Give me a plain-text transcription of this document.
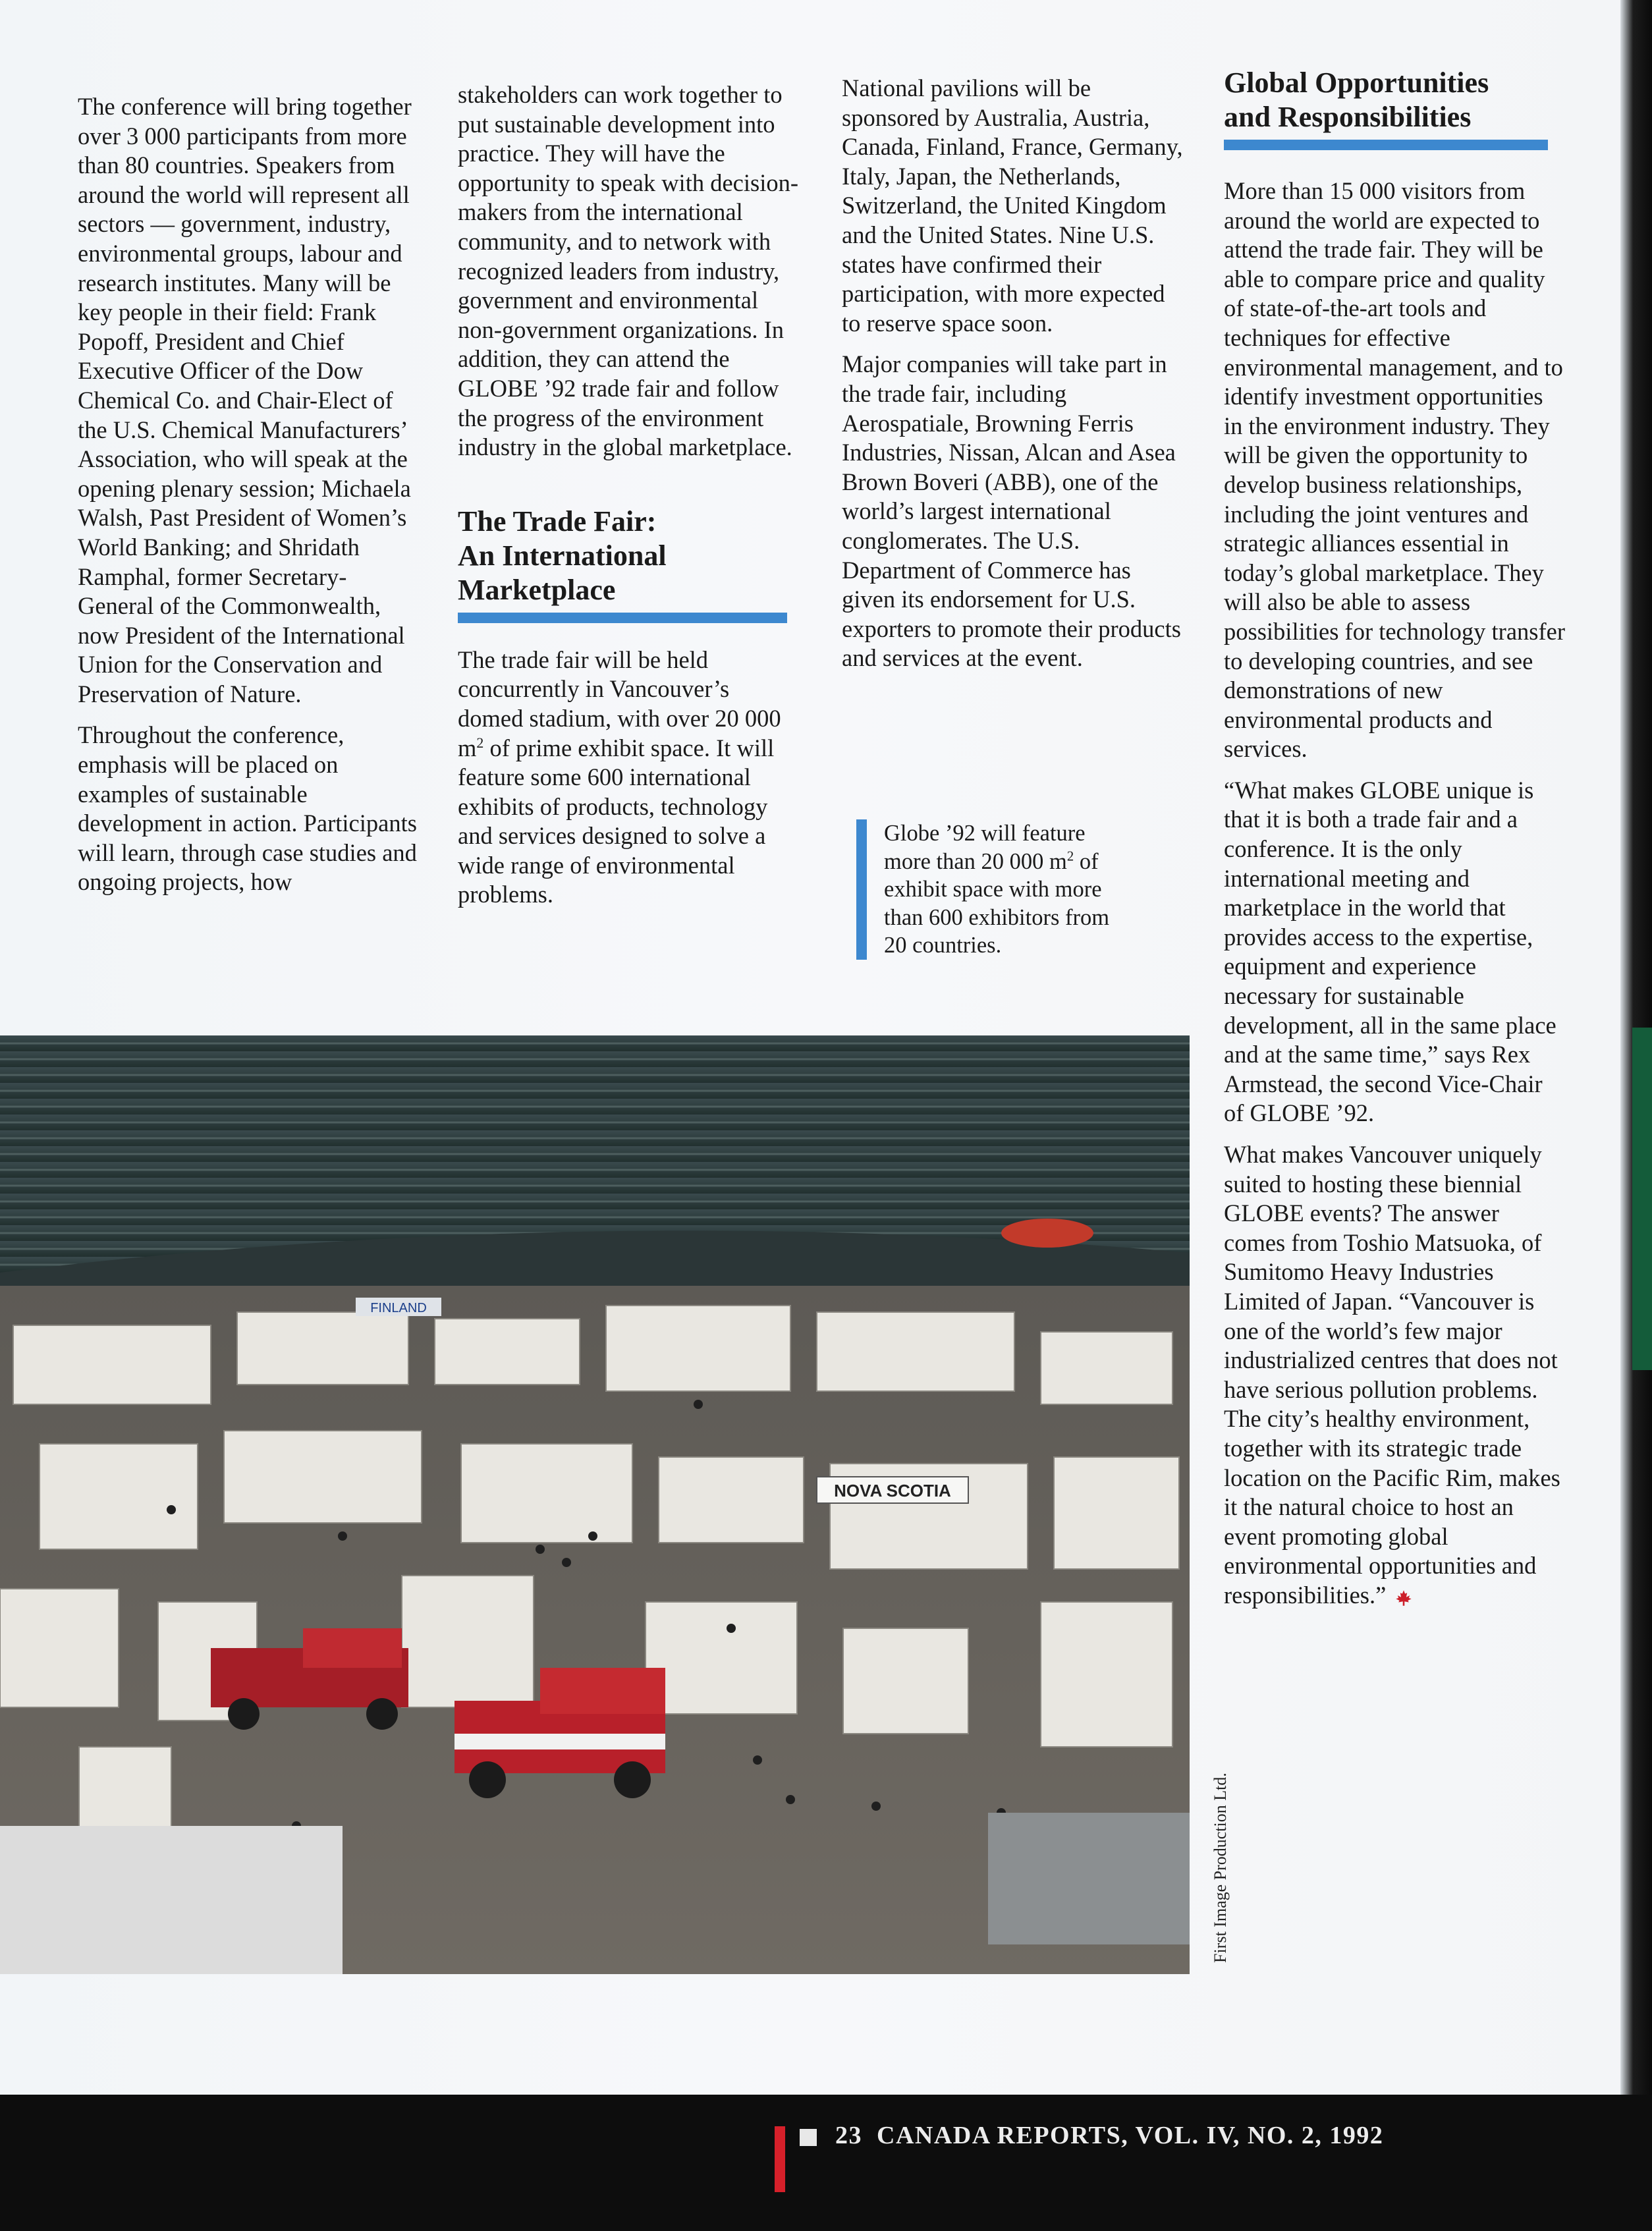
The conference will bring together over 3 000 participants from more than 80 countries. Speakers from around the world will represent all sectors — government, industry, environmental groups, labour and research institutes. Many will be key people in their field: Frank Popoff, President and Chief Executive Officer of the Dow Chemical Co. and Chair-Elect of the U.S. Chemical Manufacturers’ Association, who will speak at the opening plenary session; Michaela Walsh, Past President of Women’s World Banking; and Shridath Ramphal, former Secretary-General of the Commonwealth, now President of the International Union for the Conservation and Preservation of Nature.

Throughout the conference, emphasis will be placed on examples of sustainable development in action. Participants will learn, through case studies and ongoing projects, how

stakeholders can work together to put sustainable development into practice. They will have the opportunity to speak with decision-makers from the international community, and to network with recognized leaders from industry, government and environmental non-government organizations. In addition, they can attend the GLOBE ’92 trade fair and follow the progress of the environment industry in the global marketplace.

The Trade Fair:
An International
Marketplace

The trade fair will be held concurrently in Vancouver’s domed stadium, with over 20 000 $m^2$ of prime exhibit space. It will feature some 600 international exhibits of products, technology and services designed to solve a wide range of environmental problems.

National pavilions will be sponsored by Australia, Austria, Canada, Finland, France, Germany, Italy, Japan, the Netherlands, Switzerland, the United Kingdom and the United States. Nine U.S. states have confirmed their participation, with more expected to reserve space soon.

Major companies will take part in the trade fair, including Aerospatiale, Browning Ferris Industries, Nissan, Alcan and Asea Brown Boveri (ABB), one of the world’s largest international conglomerates. The U.S. Department of Commerce has given its endorsement for U.S. exporters to promote their products and services at the event.

Globe ’92 will feature more than 20 000 $m^2$ of exhibit space with more than 600 exhibitors from 20 countries.
Global Opportunities
and Responsibilities

More than 15 000 visitors from around the world are expected to attend the trade fair. They will be able to compare price and quality of state-of-the-art tools and techniques for effective environmental management, and to identify investment opportunities in the environment industry. They will be given the opportunity to develop business relationships, including the joint ventures and strategic alliances essential in today’s global marketplace. They will also be able to assess possibilities for technology transfer to developing countries, and see demonstrations of new environmental products and services.

“What makes GLOBE unique is that it is both a trade fair and a conference. It is the only international meeting and marketplace in the world that provides access to the expertise, equipment and experience necessary for sustainable development, all in the same place and at the same time,” says Rex Armstead, the second Vice-Chair of GLOBE ’92.

What makes Vancouver uniquely suited to hosting these biennial GLOBE events? The answer comes from Toshio Matsuoka, of Sumitomo Heavy Industries Limited of Japan. “Vancouver is one of the world’s few major industrialized centres that does not have serious pollution problems. The city’s healthy environment, together with its strategic trade location on the Pacific Rim, makes it the natural choice to host an event promoting global environmental opportunities and responsibilities.”

NOVA SCOTIA
FINLAND
First Image Production Ltd.
23 CANADA REPORTS, VOL. IV, NO. 2, 1992
